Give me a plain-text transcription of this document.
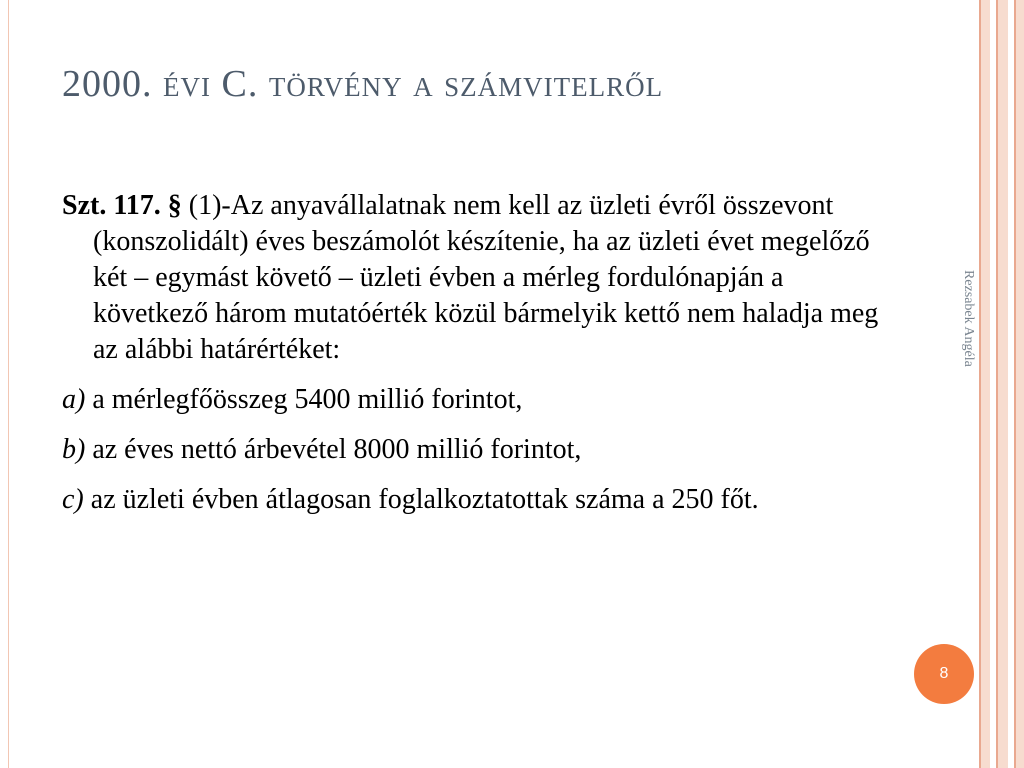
2000. évi C. törvény a számvitelről

Szt. 117. § (1)-Az anyavállalatnak nem kell az üzleti évről összevont (konszolidált) éves beszámolót készítenie, ha az üzleti évet megelőző két – egymást követő – üzleti évben a mérleg fordulónapján a következő három mutatóérték közül bármelyik kettő nem haladja meg az alábbi határértéket:

a) a mérlegfőösszeg 5400 millió forintot,

b) az éves nettó árbevétel 8000 millió forintot,

c) az üzleti évben átlagosan foglalkoztatottak száma a 250 főt.

Rezsabek Angéla
8
